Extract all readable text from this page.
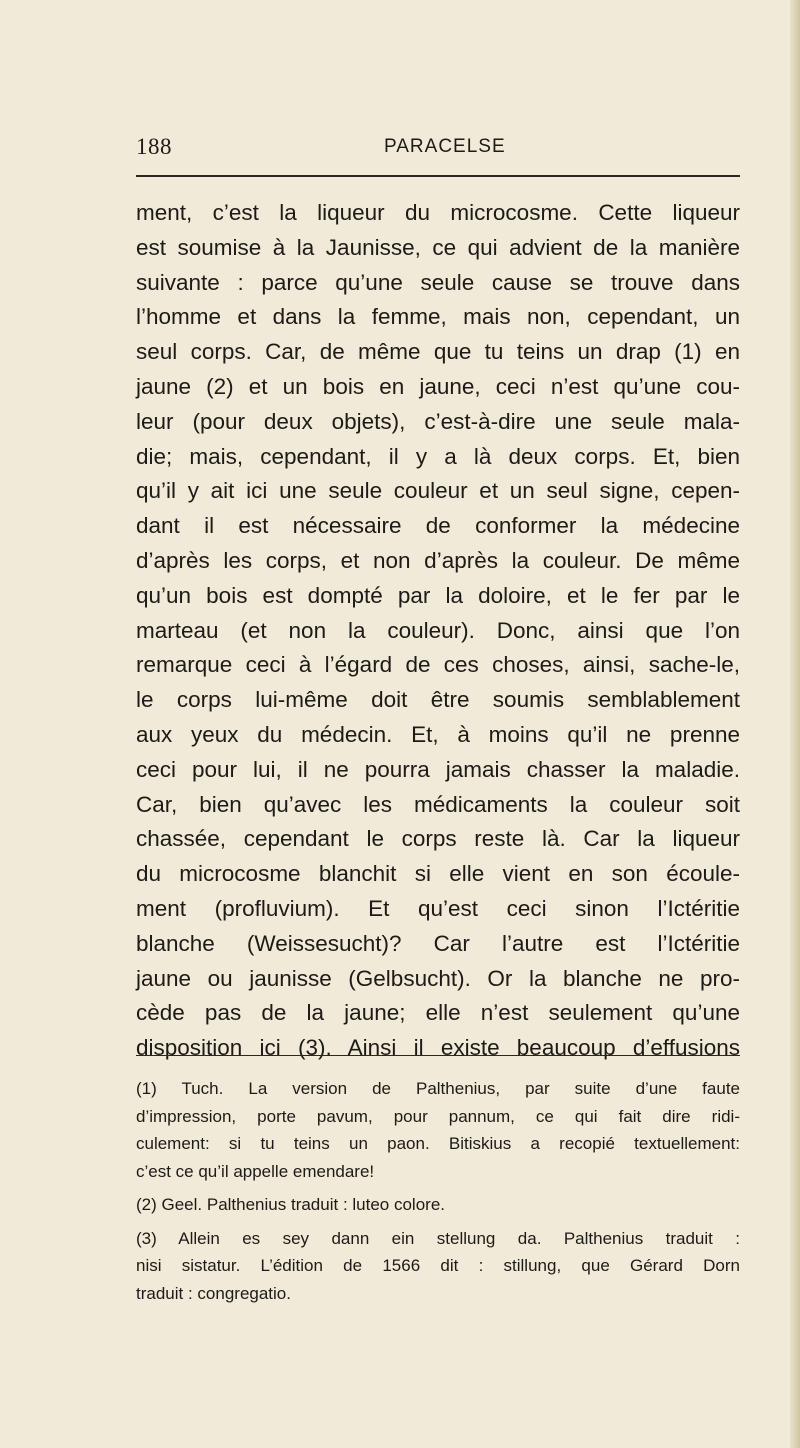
188	PARACELSE
ment, c’est la liqueur du microcosme. Cette liqueur
est soumise à la Jaunisse, ce qui advient de la manière
suivante : parce qu’une seule cause se trouve dans
l’homme et dans la femme, mais non, cependant, un
seul corps. Car, de même que tu teins un drap (1) en
jaune (2) et un bois en jaune, ceci n’est qu’une cou-
leur (pour deux objets), c’est-à-dire une seule mala-
die; mais, cependant, il y a là deux corps. Et, bien
qu’il y ait ici une seule couleur et un seul signe, cepen-
dant il est nécessaire de conformer la médecine
d’après les corps, et non d’après la couleur. De même
qu’un bois est dompté par la doloire, et le fer par le
marteau (et non la couleur). Donc, ainsi que l’on
remarque ceci à l’égard de ces choses, ainsi, sache-le,
le corps lui-même doit être soumis semblablement
aux yeux du médecin. Et, à moins qu’il ne prenne
ceci pour lui, il ne pourra jamais chasser la maladie.
Car, bien qu’avec les médicaments la couleur soit
chassée, cependant le corps reste là. Car la liqueur
du microcosme blanchit si elle vient en son écoule-
ment (profluvium). Et qu’est ceci sinon l’Ictéritie
blanche (Weissesucht)? Car l’autre est l’Ictéritie
jaune ou jaunisse (Gelbsucht). Or la blanche ne pro-
cède pas de la jaune; elle n’est seulement qu’une
disposition ici (3). Ainsi il existe beaucoup d’effusions
(1) Tuch. La version de Palthenius, par suite d’une faute
d’impression, porte pavum, pour pannum, ce qui fait dire ridi-
culement: si tu teins un paon. Bitiskius a recopié textuellement:
c’est ce qu’il appelle emendare!
(2) Geel. Palthenius traduit : luteo colore.
(3) Allein es sey dann ein stellung da. Palthenius traduit :
nisi sistatur. L’édition de 1566 dit : stillung, que Gérard Dorn
traduit : congregatio.
